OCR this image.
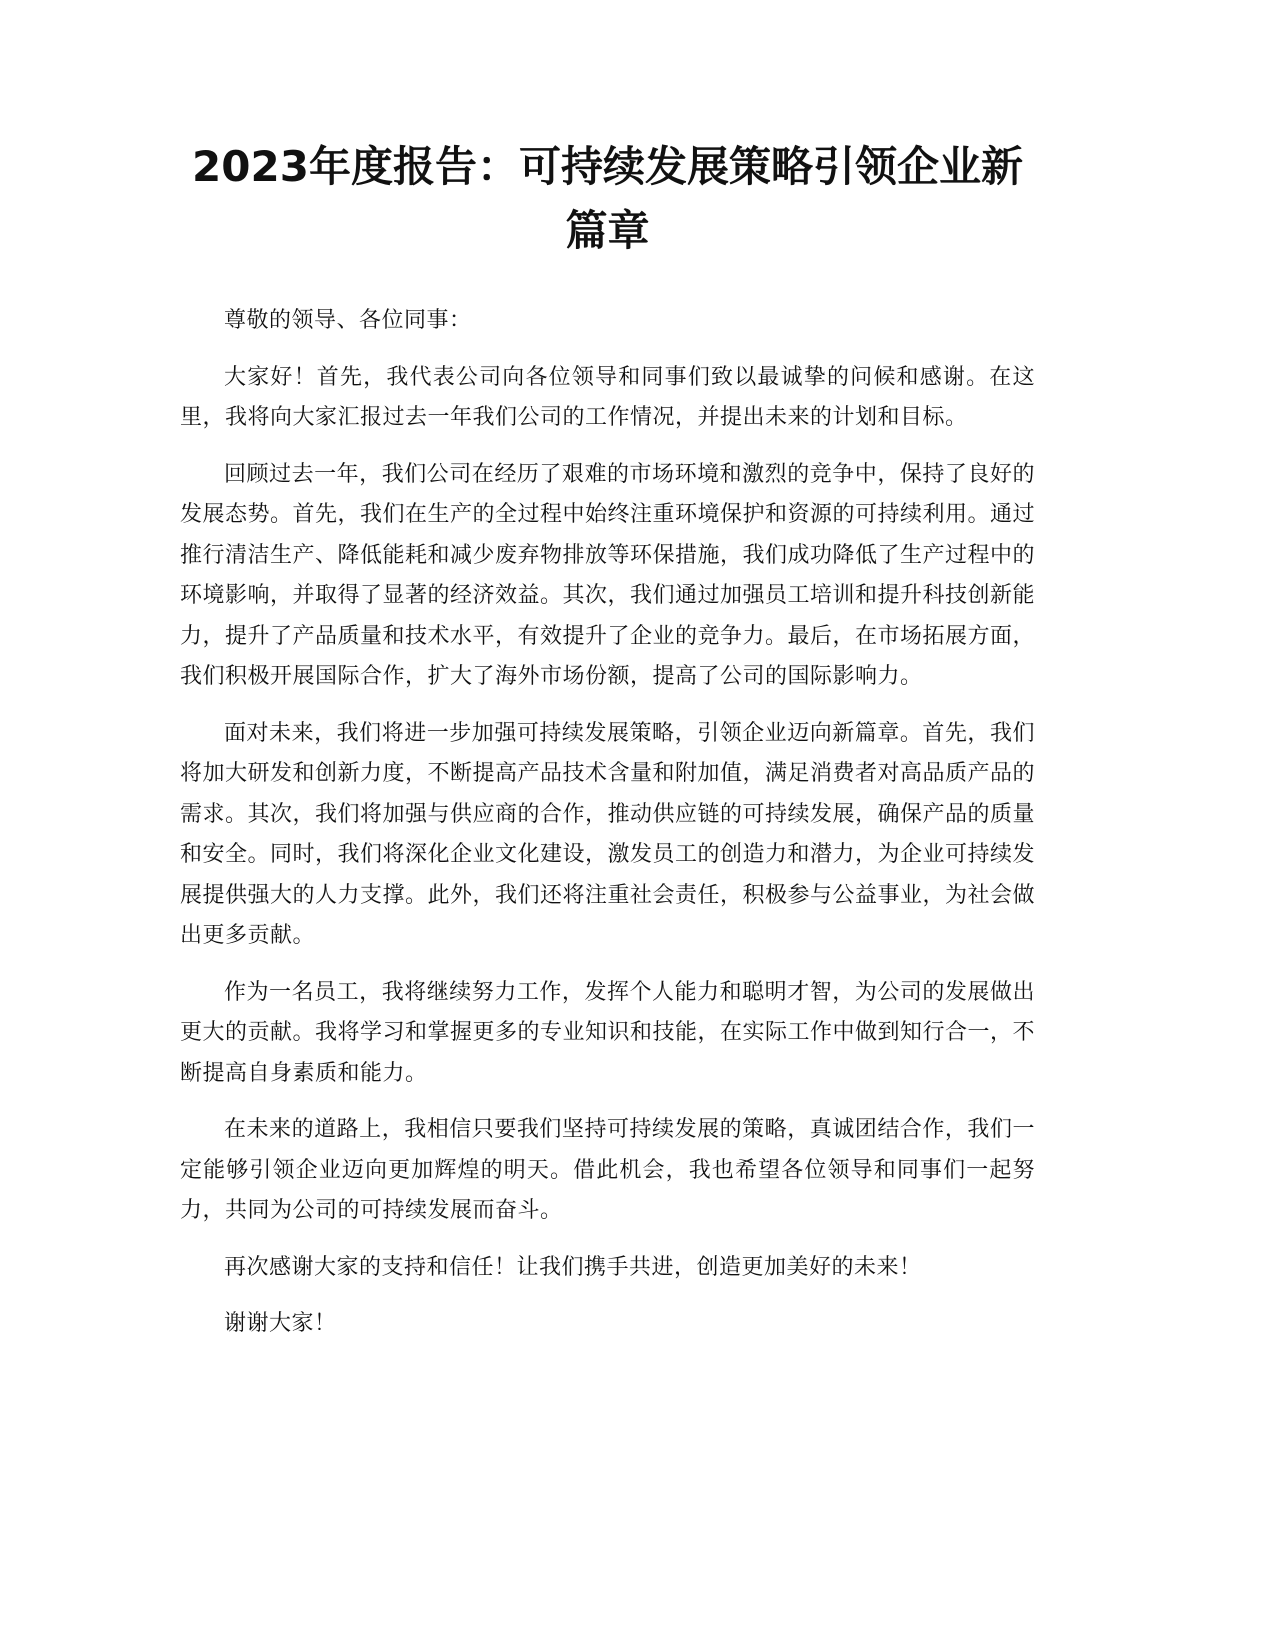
2023年度报告：可持续发展策略引领企业新篇章

尊敬的领导、各位同事：

大家好！首先，我代表公司向各位领导和同事们致以最诚挚的问候和感谢。在这里，我将向大家汇报过去一年我们公司的工作情况，并提出未来的计划和目标。

回顾过去一年，我们公司在经历了艰难的市场环境和激烈的竞争中，保持了良好的发展态势。首先，我们在生产的全过程中始终注重环境保护和资源的可持续利用。通过推行清洁生产、降低能耗和减少废弃物排放等环保措施，我们成功降低了生产过程中的环境影响，并取得了显著的经济效益。其次，我们通过加强员工培训和提升科技创新能力，提升了产品质量和技术水平，有效提升了企业的竞争力。最后，在市场拓展方面，我们积极开展国际合作，扩大了海外市场份额，提高了公司的国际影响力。

面对未来，我们将进一步加强可持续发展策略，引领企业迈向新篇章。首先，我们将加大研发和创新力度，不断提高产品技术含量和附加值，满足消费者对高品质产品的需求。其次，我们将加强与供应商的合作，推动供应链的可持续发展，确保产品的质量和安全。同时，我们将深化企业文化建设，激发员工的创造力和潜力，为企业可持续发展提供强大的人力支撑。此外，我们还将注重社会责任，积极参与公益事业，为社会做出更多贡献。

作为一名员工，我将继续努力工作，发挥个人能力和聪明才智，为公司的发展做出更大的贡献。我将学习和掌握更多的专业知识和技能，在实际工作中做到知行合一，不断提高自身素质和能力。

在未来的道路上，我相信只要我们坚持可持续发展的策略，真诚团结合作，我们一定能够引领企业迈向更加辉煌的明天。借此机会，我也希望各位领导和同事们一起努力，共同为公司的可持续发展而奋斗。

再次感谢大家的支持和信任！让我们携手共进，创造更加美好的未来！

谢谢大家！
